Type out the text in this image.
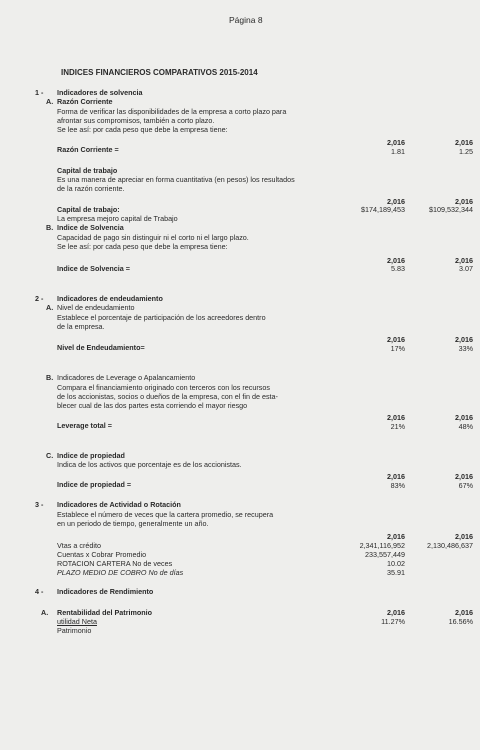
Página 8
INDICES FINANCIEROS COMPARATIVOS 2015-2014
1 - Indicadores de solvencia
A. Razón Corriente
Forma de verificar las disponibilidades de la empresa a corto plazo para
afrontar sus compromisos, también a corto plazo.
Se lee así: por cada peso que debe la empresa tiene:
2,016	2,016
Razón Corriente =	1.81	1.25
Capital de trabajo
Es una manera de apreciar en forma cuantitativa (en pesos) los resultados
de la razón corriente.
2,016	2,016
Capital de trabajo:	$174,189,453	$109,532,344
La empresa mejoro capital de Trabajo
B. Indice de Solvencia
Capacidad de pago sin distinguir ni el corto ni el largo plazo.
Se lee así: por cada peso que debe la empresa tiene:
2,016	2,016
Indice de Solvencia =	5.83	3.07
2 - Indicadores de endeudamiento
A. Nivel de endeudamiento
Establece el porcentaje de participación de los acreedores dentro
de la empresa.
2,016	2,016
Nivel de Endeudamiento=	17%	33%
B. Indicadores de Leverage o Apalancamiento
Compara el financiamiento originado con terceros con los recursos
de los accionistas, socios o dueños de la empresa, con el fin de esta-
blecer cual de las dos partes esta corriendo el mayor riesgo
2,016	2,016
Leverage total =	21%	48%
C. Indice de propiedad
Indica de los activos que porcentaje es de los accionistas.
2,016	2,016
Indice de propiedad =	83%	67%
3 - Indicadores de Actividad o Rotación
Establece el número de veces que la cartera promedio, se recupera
en un periodo de tiempo, generalmente un año.
2,016	2,016
Vtas a crédito	2,341,116,952	2,130,486,637
Cuentas x Cobrar Promedio	233,557,449
ROTACION CARTERA No de veces	10.02
PLAZO MEDIO DE COBRO No de días	35.91
4 - Indicadores de Rendimiento
2,016	2,016
A. Rentabilidad del Patrimonio
utilidad Neta	11.27%	16.56%
Patrimonio
